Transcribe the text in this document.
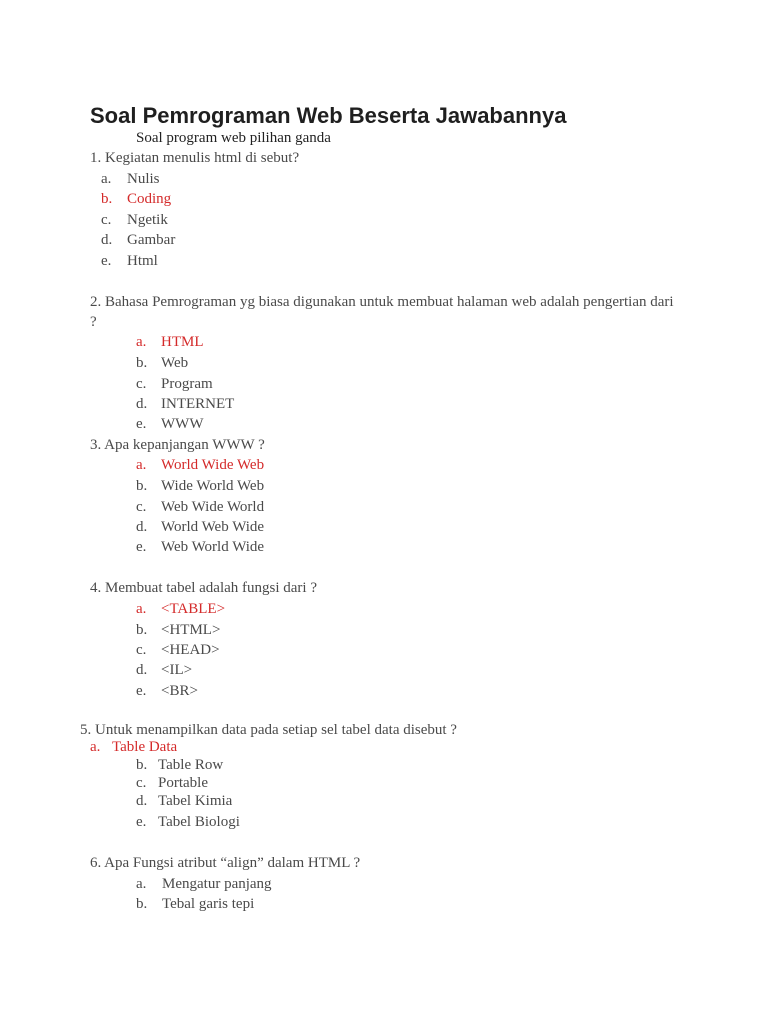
Soal Pemrograman Web Beserta Jawabannya
Soal program web pilihan ganda
1. Kegiatan menulis html di sebut?
a. Nulis
b. Coding
c. Ngetik
d. Gambar
e. Html
2. Bahasa Pemrograman yg biasa digunakan untuk membuat halaman web adalah pengertian dari
?
a. HTML
b. Web
c. Program
d. INTERNET
e. WWW
3. Apa kepanjangan WWW ?
a. World Wide Web
b. Wide World Web
c. Web Wide World
d. World Web Wide
e. Web World Wide
4. Membuat tabel adalah fungsi dari ?
a. <TABLE>
b. <HTML>
c. <HEAD>
d. <IL>
e. <BR>
5. Untuk menampilkan data pada setiap sel tabel data disebut ?
a. Table Data
b. Table Row
c. Portable
d. Tabel Kimia
e. Tabel Biologi
6. Apa Fungsi atribut “align” dalam HTML ?
a. Mengatur panjang
b. Tebal garis tepi
